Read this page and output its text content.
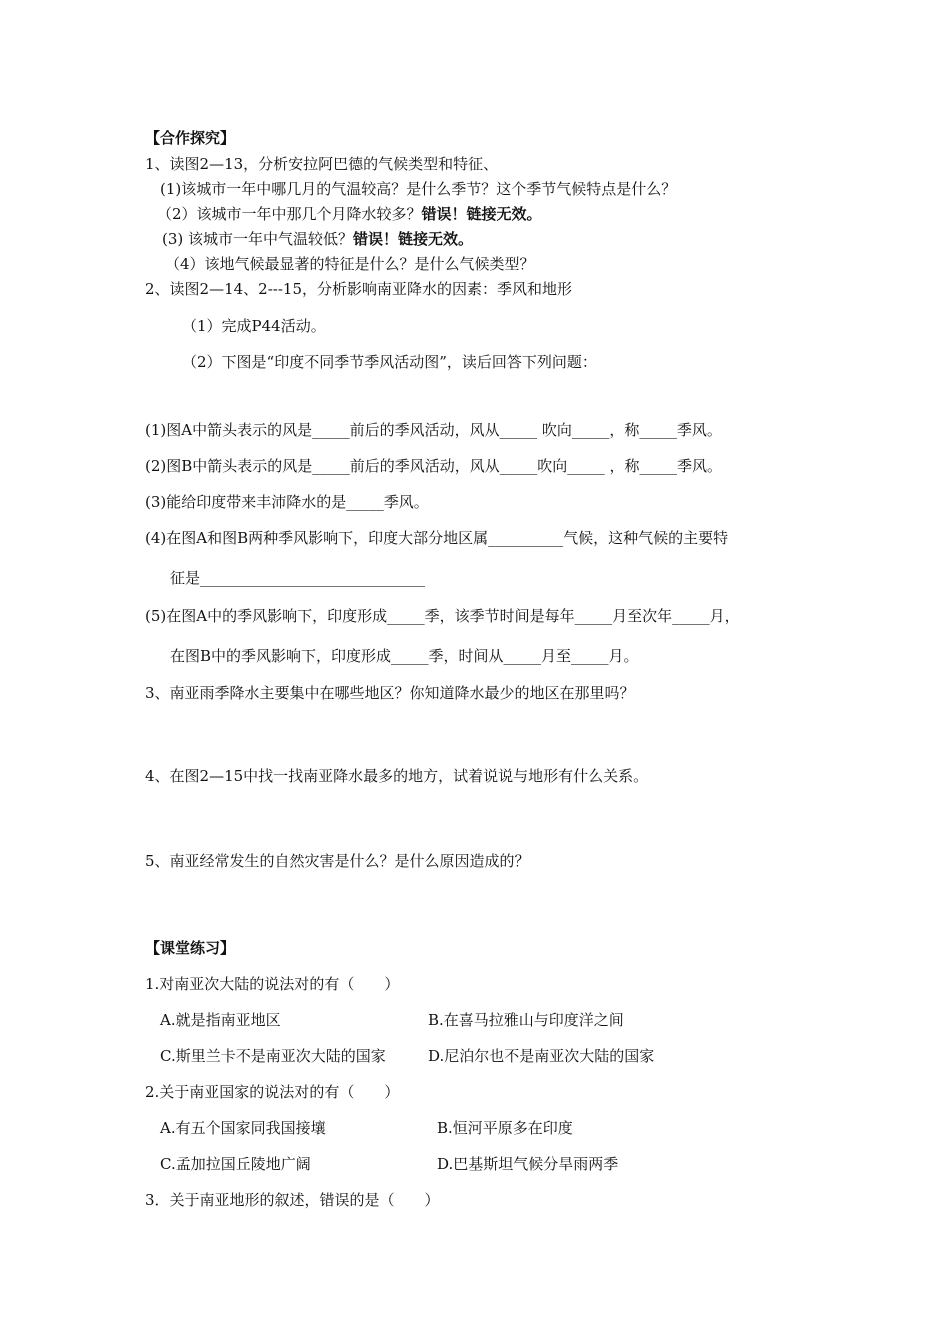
【合作探究】
1、读图2—13，分析安拉阿巴德的气候类型和特征、
(1)该城市一年中哪几月的气温较高？是什么季节？这个季节气候特点是什么？
（2）该城市一年中那几个月降水较多？错误！链接无效。
(3) 该城市一年中气温较低？错误！链接无效。
（4）该地气候最显著的特征是什么？是什么气候类型？
2、读图2—14、2---15，分析影响南亚降水的因素：季风和地形
（1）完成P44活动。
（2）下图是“印度不同季节季风活动图”，读后回答下列问题：
(1)图A中箭头表示的风是_____前后的季风活动，风从_____ 吹向_____，称_____季风。
(2)图B中箭头表示的风是_____前后的季风活动，风从_____吹向_____ ，称_____季风。
(3)能给印度带来丰沛降水的是_____季风。
(4)在图A和图B两种季风影响下，印度大部分地区属__________气候，这种气候的主要特
征是______________________________
(5)在图A中的季风影响下，印度形成_____季，该季节时间是每年_____月至次年_____月，
在图B中的季风影响下，印度形成_____季，时间从_____月至_____月。
3、南亚雨季降水主要集中在哪些地区？你知道降水最少的地区在那里吗？
4、在图2—15中找一找南亚降水最多的地方，试着说说与地形有什么关系。
5、南亚经常发生的自然灾害是什么？是什么原因造成的？
【课堂练习】
1.对南亚次大陆的说法对的有（　　）
A.就是指南亚地区	B.在喜马拉雅山与印度洋之间
C.斯里兰卡不是南亚次大陆的国家	D.尼泊尔也不是南亚次大陆的国家
2.关于南亚国家的说法对的有（　　）
A.有五个国家同我国接壤	B.恒河平原多在印度
C.孟加拉国丘陵地广阔	D.巴基斯坦气候分旱雨两季
3．关于南亚地形的叙述，错误的是（　　）
